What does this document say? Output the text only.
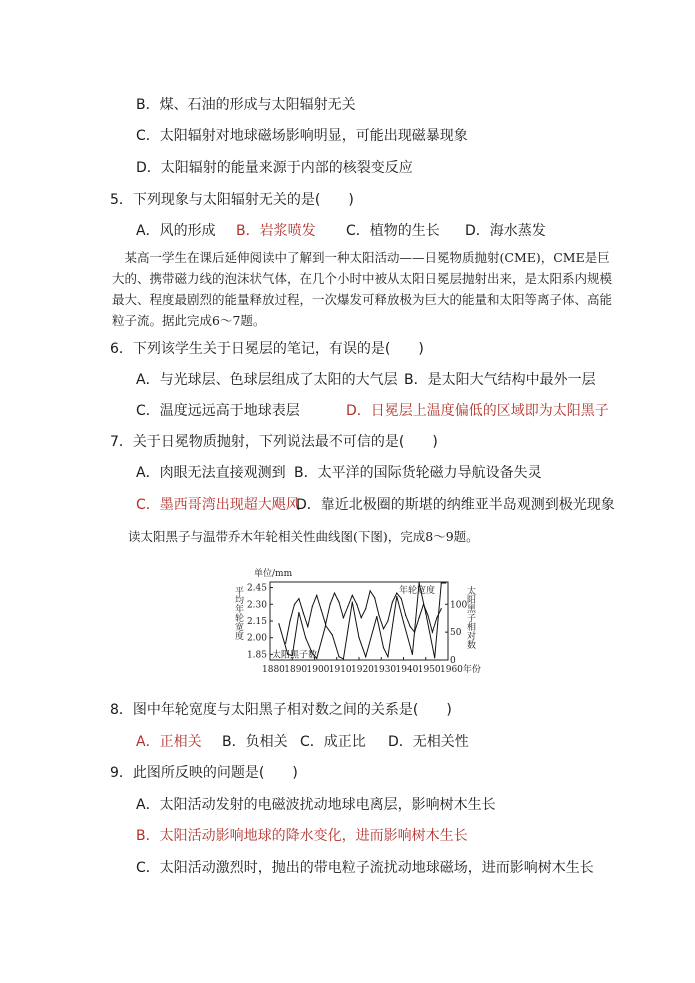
B．煤、石油的形成与太阳辐射无关
C．太阳辐射对地球磁场影响明显，可能出现磁暴现象
D．太阳辐射的能量来源于内部的核裂变反应
5．下列现象与太阳辐射无关的是(　　)
A．风的形成 B．岩浆喷发 C．植物的生长 D．海水蒸发

某高一学生在课后延伸阅读中了解到一种太阳活动——日冕物质抛射(CME)，CME是巨大的、携带磁力线的泡沫状气体，在几个小时中被从太阳日冕层抛射出来，是太阳系内规模最大、程度最剧烈的能量释放过程，一次爆发可释放极为巨大的能量和太阳等离子体、高能粒子流。据此完成6～7题。

6．下列该学生关于日冕层的笔记，有误的是(　　)
A．与光球层、色球层组成了太阳的大气层 B．是太阳大气结构中最外一层
C．温度远远高于地球表层	D．日冕层上温度偏低的区域即为太阳黑子
7．关于日冕物质抛射，下列说法最不可信的是(　　)
A．肉眼无法直接观测到 B．太平洋的国际货轮磁力导航设备失灵
C．墨西哥湾出现超大飓风
D．靠近北极圈的斯堪的纳维亚半岛观测到极光现象
读太阳黑子与温带乔木年轮相关性曲线图(下图)，完成8～9题。
单位/mm
平均年轮宽度	太阳黑子相对数
2.45
2.30
2.15
2.00
1.85
100
50
0
1880 1890 1900 1910 1920 1930 1940 1950 1960年份
年轮宽度
太阳黑子数
8．图中年轮宽度与太阳黑子相对数之间的关系是(　　)
A．正相关 B．负相关 C．成正比 D．无相关性
9．此图所反映的问题是(　　)
A．太阳活动发射的电磁波扰动地球电离层，影响树木生长
B．太阳活动影响地球的降水变化，进而影响树木生长
C．太阳活动激烈时，抛出的带电粒子流扰动地球磁场，进而影响树木生长
